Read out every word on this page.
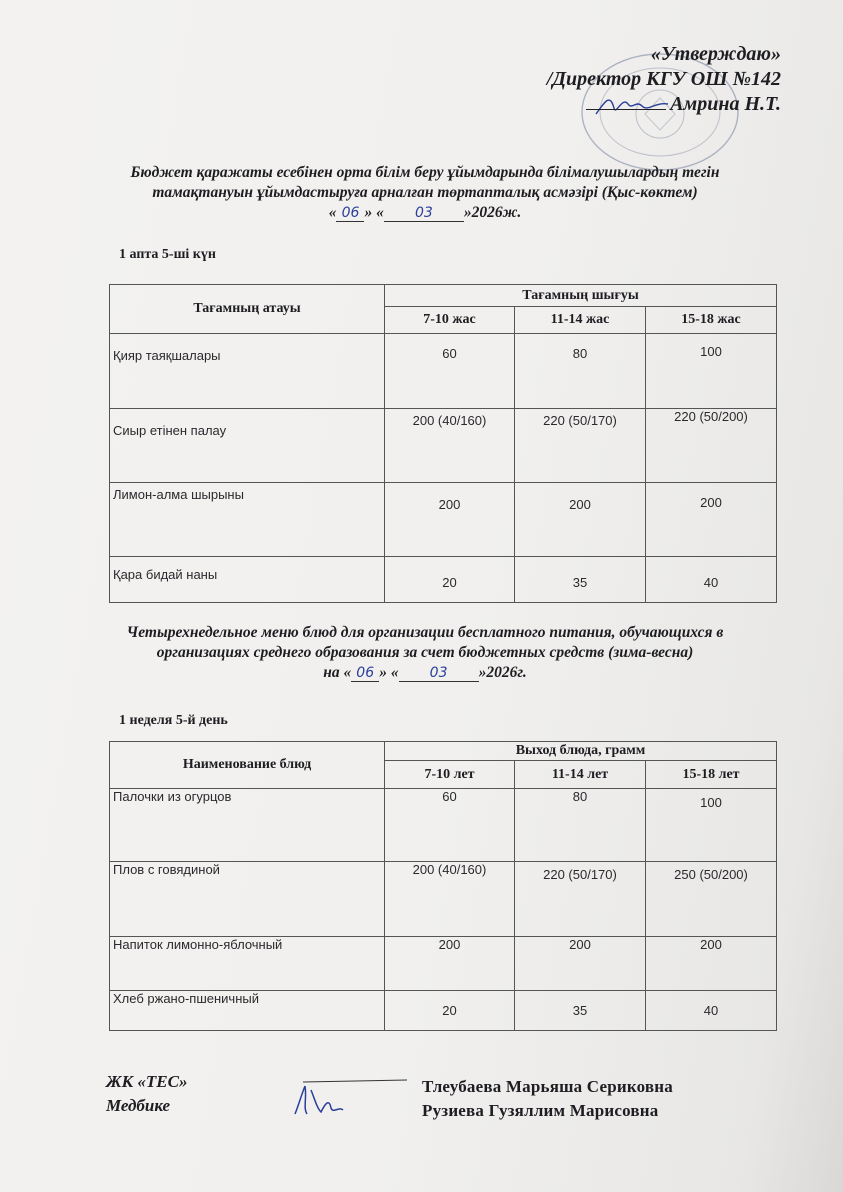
«Утверждаю»
/Директор КГУ ОШ №142
Амрина Н.Т.
Бюджет қаражаты есебінен орта білім беру ұйымдарында білімалушылардың тегін
тамақтануын ұйымдастыруға арналған төртапталық асмәзірі (Қыс-көктем)
« 06 » « 03 »2026ж.
1 апта 5-ші күн
Тағамның атауы	Тағамның шығуы		
	7-10 жас	11-14 жас	15-18 жас
Қияр таяқшалары	60	80	100
Сиыр етінен палау	200 (40/160)	220 (50/170)	220 (50/200)
Лимон-алма шырыны	200	200	200
Қара бидай наны	20	35	40
Четырехнедельное меню блюд для организации бесплатного питания, обучающихся в
организациях среднего образования за счет бюджетных средств (зима-весна)
на « 06 » « 03 »2026г.
1 неделя 5-й день
Наименование блюд	Выход блюда, грамм		
	7-10 лет	11-14 лет	15-18 лет
Палочки из огурцов	60	80	100
Плов с говядиной	200 (40/160)	220 (50/170)	250 (50/200)
Напиток лимонно-яблочный	200	200	200
Хлеб ржано-пшеничный	20	35	40
ЖК «ТЕС»
Медбике
Тлеубаева Марьяша Сериковна
Рузиева Гузяллим Марисовна
